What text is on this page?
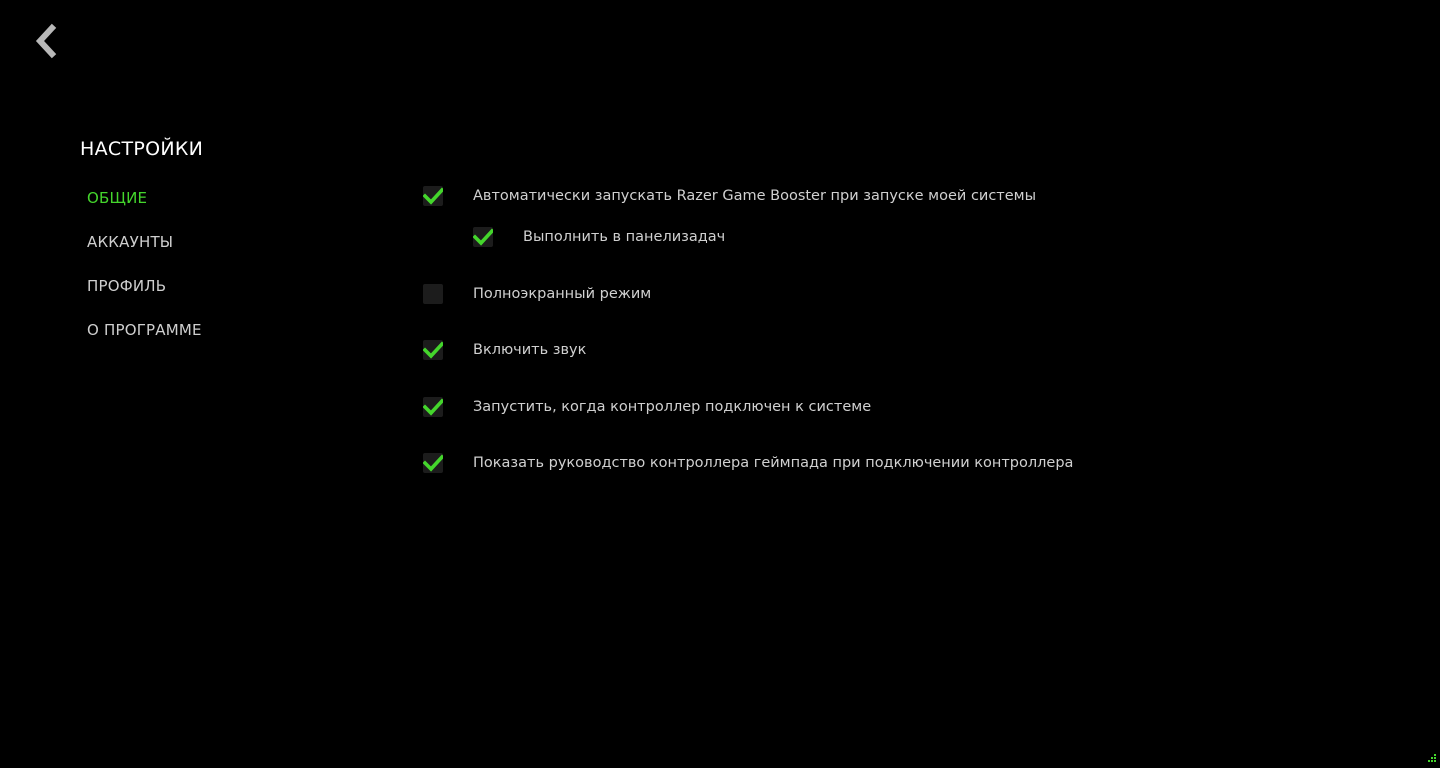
НАСТРОЙКИ
ОБЩИЕ
АККАУНТЫ
ПРОФИЛЬ
О ПРОГРАММЕ
Автоматически запускать Razer Game Booster при запуске моей системы
Выполнить в панелизадач
Полноэкранный режим
Включить звук
Запустить, когда контроллер подключен к системе
Показать руководство контроллера геймпада при подключении контроллера
